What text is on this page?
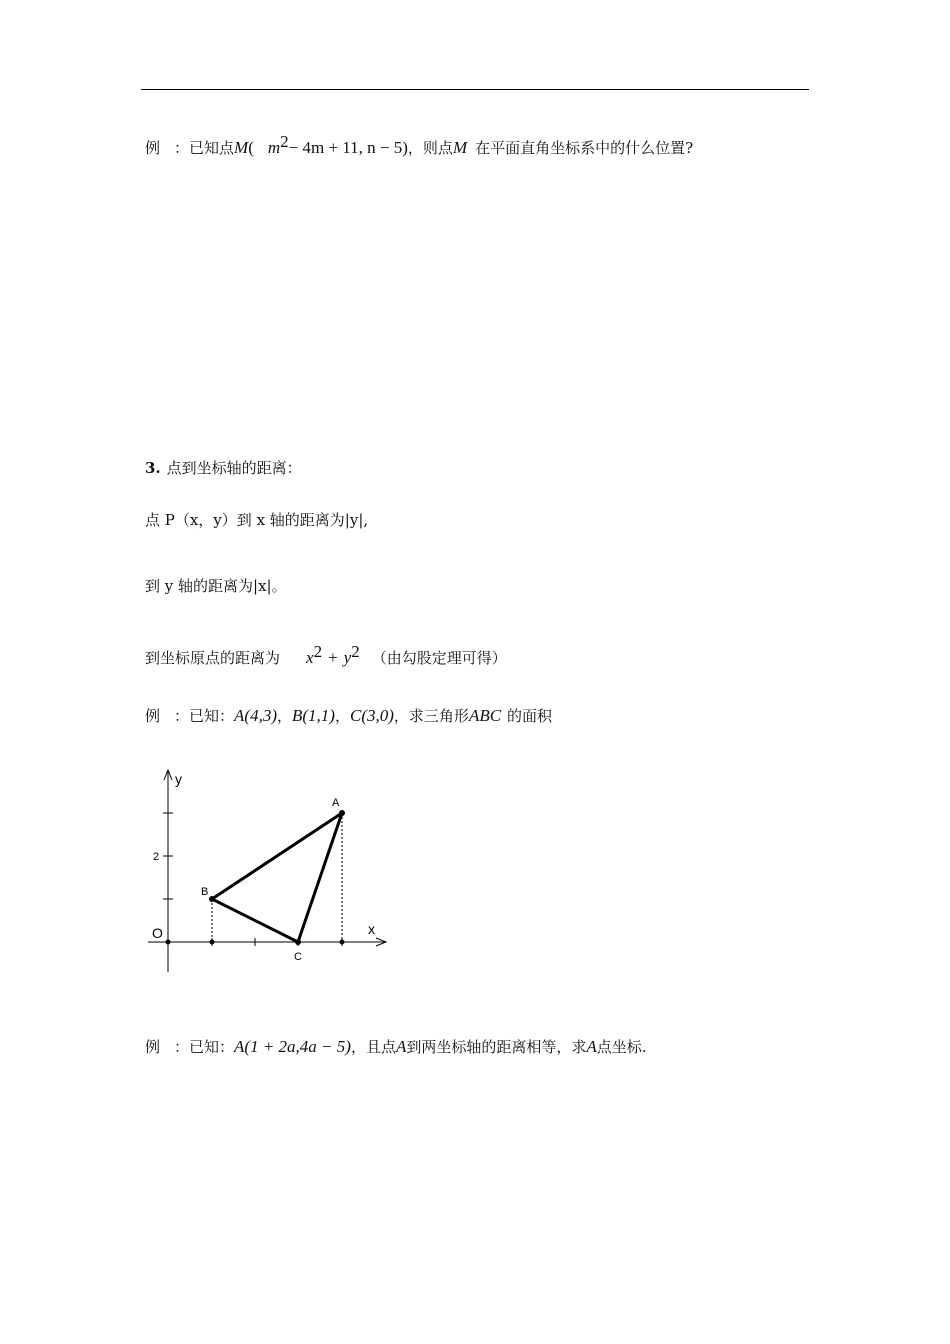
例 ：已知点M( $m^2- 4m + 11$, n − 5)，则点M 在平面直角坐标系中的什么位置?
3. 点到坐标轴的距离：
点 P（x，y）到 x 轴的距离为|y|,
到 y 轴的距离为|x|。
到坐标原点的距离为 $x^2 + y^2$ （由勾股定理可得）
例 ：已知：A(4,3)，B(1,1)，C(3,0)，求三角形ABC 的面积
y
x
O
2
A
B
C
例 ：已知：A(1 + 2a,4a − 5)，且点A到两坐标轴的距离相等，求A点坐标.
